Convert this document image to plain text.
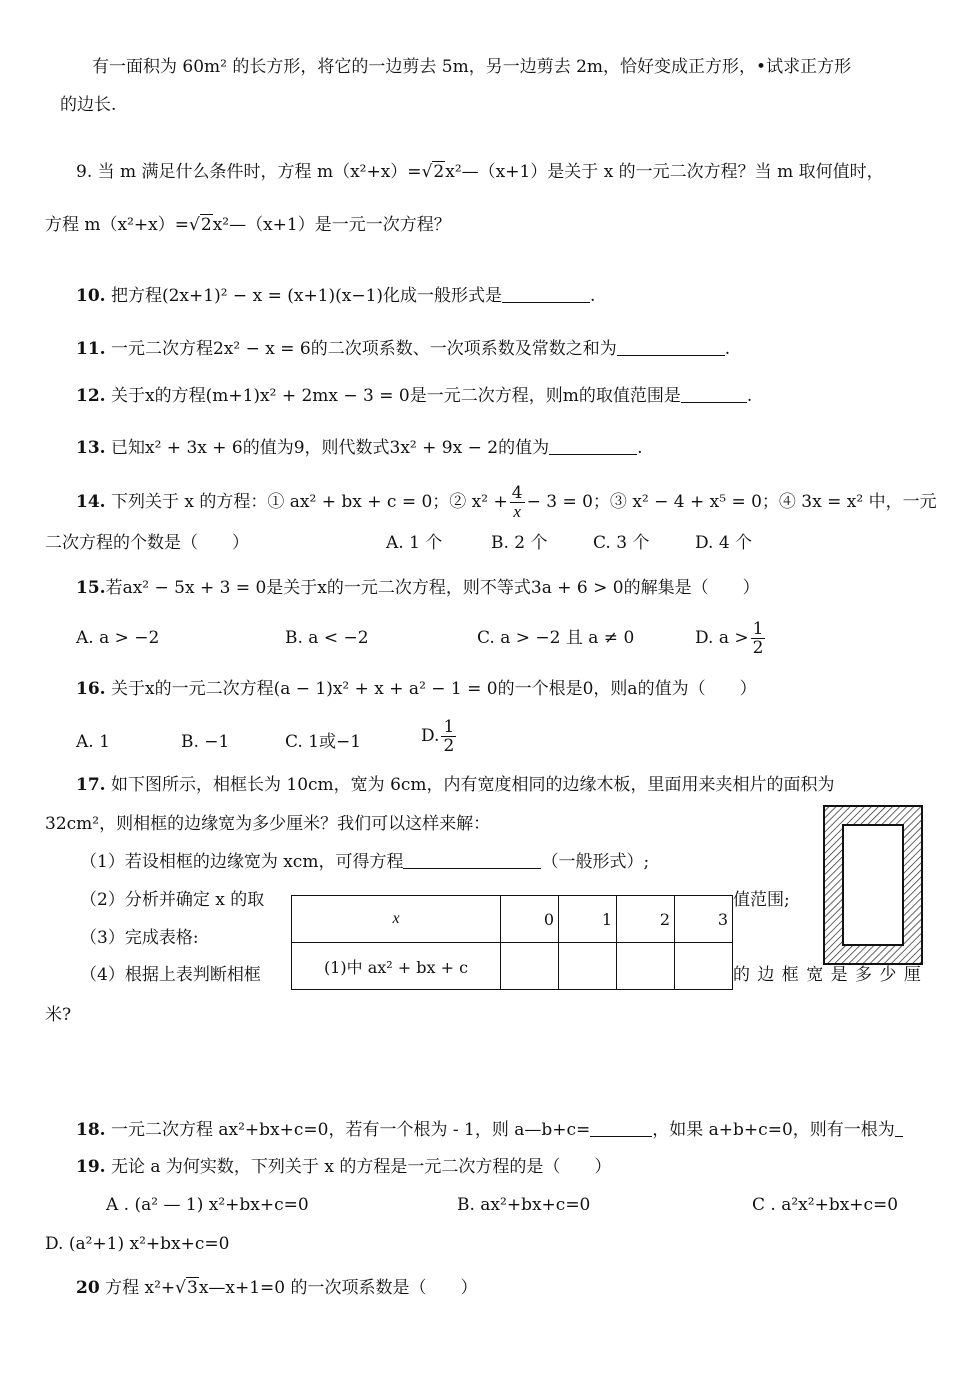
有一面积为 60m² 的长方形，将它的一边剪去 5m，另一边剪去 2m，恰好变成正方形，•试求正方形
的边长.
9. 当 m 满足什么条件时，方程 m（x²+x）=√2x²—（x+1）是关于 x 的一元二次方程？当 m 取何值时，
方程 m（x²+x）=√2x²—（x+1）是一元一次方程？
10. 把方程(2x+1)² − x = (x+1)(x−1)化成一般形式是	.
11. 一元二次方程2x² − x = 6的二次项系数、一次项系数及常数之和为	.
12. 关于x的方程(m+1)x² + 2mx − 3 = 0是一元二次方程，则m的取值范围是	.
13. 已知x² + 3x + 6的值为9，则代数式3x² + 9x − 2的值为	.
14. 下列关于 x 的方程：① ax² + bx + c = 0；② $x^2 + \frac{4}{x} - 3 = 0$；③ x² − 4 + x⁵ = 0；④ 3x = x² 中，一元
二次方程的个数是（　　）	A. 1 个	B. 2 个	C. 3 个	D. 4 个
15.若ax² − 5x + 3 = 0是关于x的一元二次方程，则不等式3a + 6 > 0的解集是（　　）
A. a > −2	B. a < −2	C. a > −2 且 a ≠ 0	D. $a > \frac{1}{2}$
16. 关于x的一元二次方程(a − 1)x² + x + a² − 1 = 0的一个根是0，则a的值为（　　）
A. 1	B. −1	C. 1或−1	D. $\frac{1}{2}$
17. 如下图所示，相框长为 10cm，宽为 6cm，内有宽度相同的边缘木板，里面用来夹相片的面积为
32cm²，则相框的边缘宽为多少厘米？我们可以这样来解：
（1）若设相框的边缘宽为 xcm，可得方程	（一般形式）;
（2）分析并确定 x 的取	值范围;
（3）完成表格:
（4）根据上表判断相框	的 边 框 宽 是 多 少 厘
米?
x	0	1	2	3
(1)中 ax² + bx + c				
18. 一元二次方程 ax²+bx+c=0，若有一个根为 - 1，则 a—b+c=	，如果 a+b+c=0，则有一根为
19. 无论 a 为何实数，下列关于 x 的方程是一元二次方程的是（　　）
A . (a² — 1) x²+bx+c=0	B. ax²+bx+c=0	C . a²x²+bx+c=0
D. (a²+1) x²+bx+c=0
20 方程 x²+√3x—x+1=0 的一次项系数是（　　）
